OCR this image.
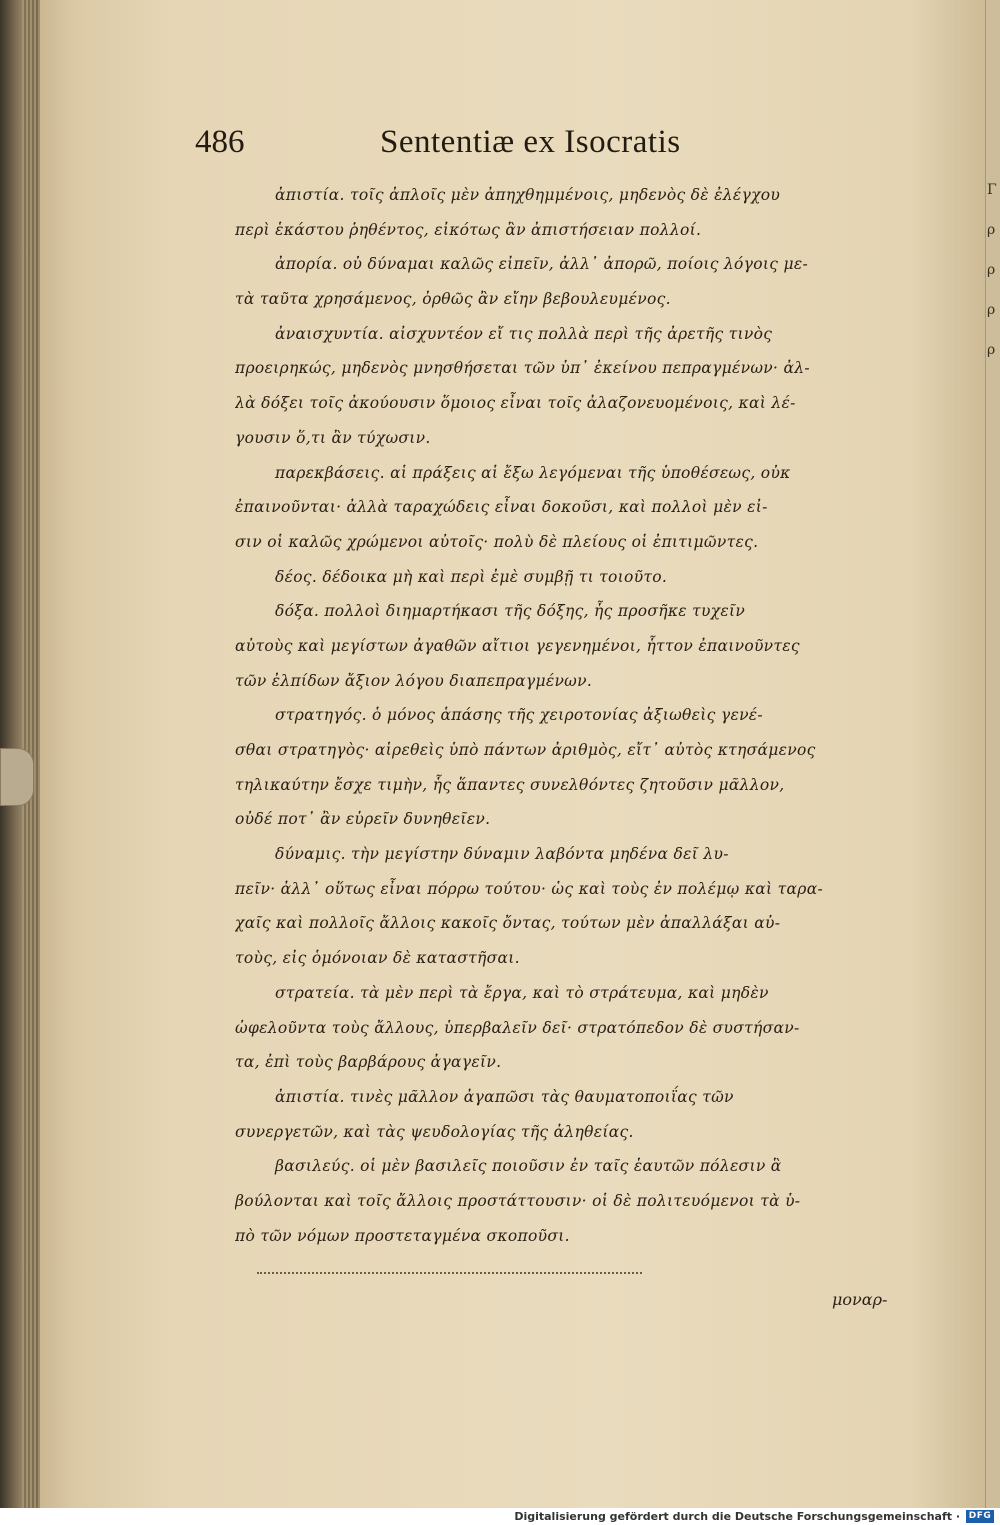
486	Sententiæ ex Isocratis
ἀπιστία. τοῖς ἀπλοῖς μὲν ἀπηχθημμένοις, μηδενὸς δὲ ἐλέγχου
περὶ ἑκάστου ῥηθέντος, εἰκότως ἂν ἀπιστήσειαν πολλοί.
ἀπορία. οὐ δύναμαι καλῶς εἰπεῖν, ἀλλ᾽ ἀπορῶ, ποίοις λόγοις με-
τὰ ταῦτα χρησάμενος, ὀρθῶς ἂν εἴην βεβουλευμένος.
ἀναισχυντία. αἰσχυντέον εἴ τις πολλὰ περὶ τῆς ἀρετῆς τινὸς
προειρηκώς, μηδενὸς μνησθήσεται τῶν ὑπ᾽ ἐκείνου πεπραγμένων· ἀλ-
λὰ δόξει τοῖς ἀκούουσιν ὅμοιος εἶναι τοῖς ἀλαζονευομένοις, καὶ λέ-
γουσιν ὅ,τι ἂν τύχωσιν.
παρεκβάσεις. αἱ πράξεις αἱ ἔξω λεγόμεναι τῆς ὑποθέσεως, οὐκ
ἐπαινοῦνται· ἀλλὰ ταραχώδεις εἶναι δοκοῦσι, καὶ πολλοὶ μὲν εἰ-
σιν οἱ καλῶς χρώμενοι αὐτοῖς· πολὺ δὲ πλείους οἱ ἐπιτιμῶντες.
δέος. δέδοικα μὴ καὶ περὶ ἐμὲ συμβῇ τι τοιοῦτο.
δόξα. πολλοὶ διημαρτήκασι τῆς δόξης, ἧς προσῆκε τυχεῖν
αὐτοὺς καὶ μεγίστων ἀγαθῶν αἴτιοι γεγενημένοι, ἧττον ἐπαινοῦντες
τῶν ἐλπίδων ἄξιον λόγου διαπεπραγμένων.
στρατηγός. ὁ μόνος ἁπάσης τῆς χειροτονίας ἀξιωθεὶς γενέ-
σθαι στρατηγὸς· αἱρεθεὶς ὑπὸ πάντων ἀριθμὸς, εἴτ᾽ αὐτὸς κτησάμενος
τηλικαύτην ἔσχε τιμὴν, ἧς ἅπαντες συνελθόντες ζητοῦσιν μᾶλλον,
οὐδέ ποτ᾽ ἂν εὑρεῖν δυνηθεῖεν.
δύναμις. τὴν μεγίστην δύναμιν λαβόντα μηδένα δεῖ λυ-
πεῖν· ἀλλ᾽ οὕτως εἶναι πόρρω τούτου· ὡς καὶ τοὺς ἐν πολέμῳ καὶ ταρα-
χαῖς καὶ πολλοῖς ἄλλοις κακοῖς ὄντας, τούτων μὲν ἀπαλλάξαι αὐ-
τοὺς, εἰς ὁμόνοιαν δὲ καταστῆσαι.
στρατεία. τὰ μὲν περὶ τὰ ἔργα, καὶ τὸ στράτευμα, καὶ μηδὲν
ὠφελοῦντα τοὺς ἄλλους, ὑπερβαλεῖν δεῖ· στρατόπεδον δὲ συστήσαν-
τα, ἐπὶ τοὺς βαρβάρους ἀγαγεῖν.
ἀπιστία. τινὲς μᾶλλον ἀγαπῶσι τὰς θαυματοποιΐας τῶν
συνεργετῶν, καὶ τὰς ψευδολογίας τῆς ἀληθείας.
βασιλεύς. οἱ μὲν βασιλεῖς ποιοῦσιν ἐν ταῖς ἑαυτῶν πόλεσιν ἃ
βούλονται καὶ τοῖς ἄλλοις προστάττουσιν· οἱ δὲ πολιτευόμενοι τὰ ὑ-
πὸ τῶν νόμων προστεταγμένα σκοποῦσι.
μοναρ-
Γ
ρ
ρ
ρ
ρ
Digitalisierung gefördert durch die Deutsche Forschungsgemeinschaft · DFG
